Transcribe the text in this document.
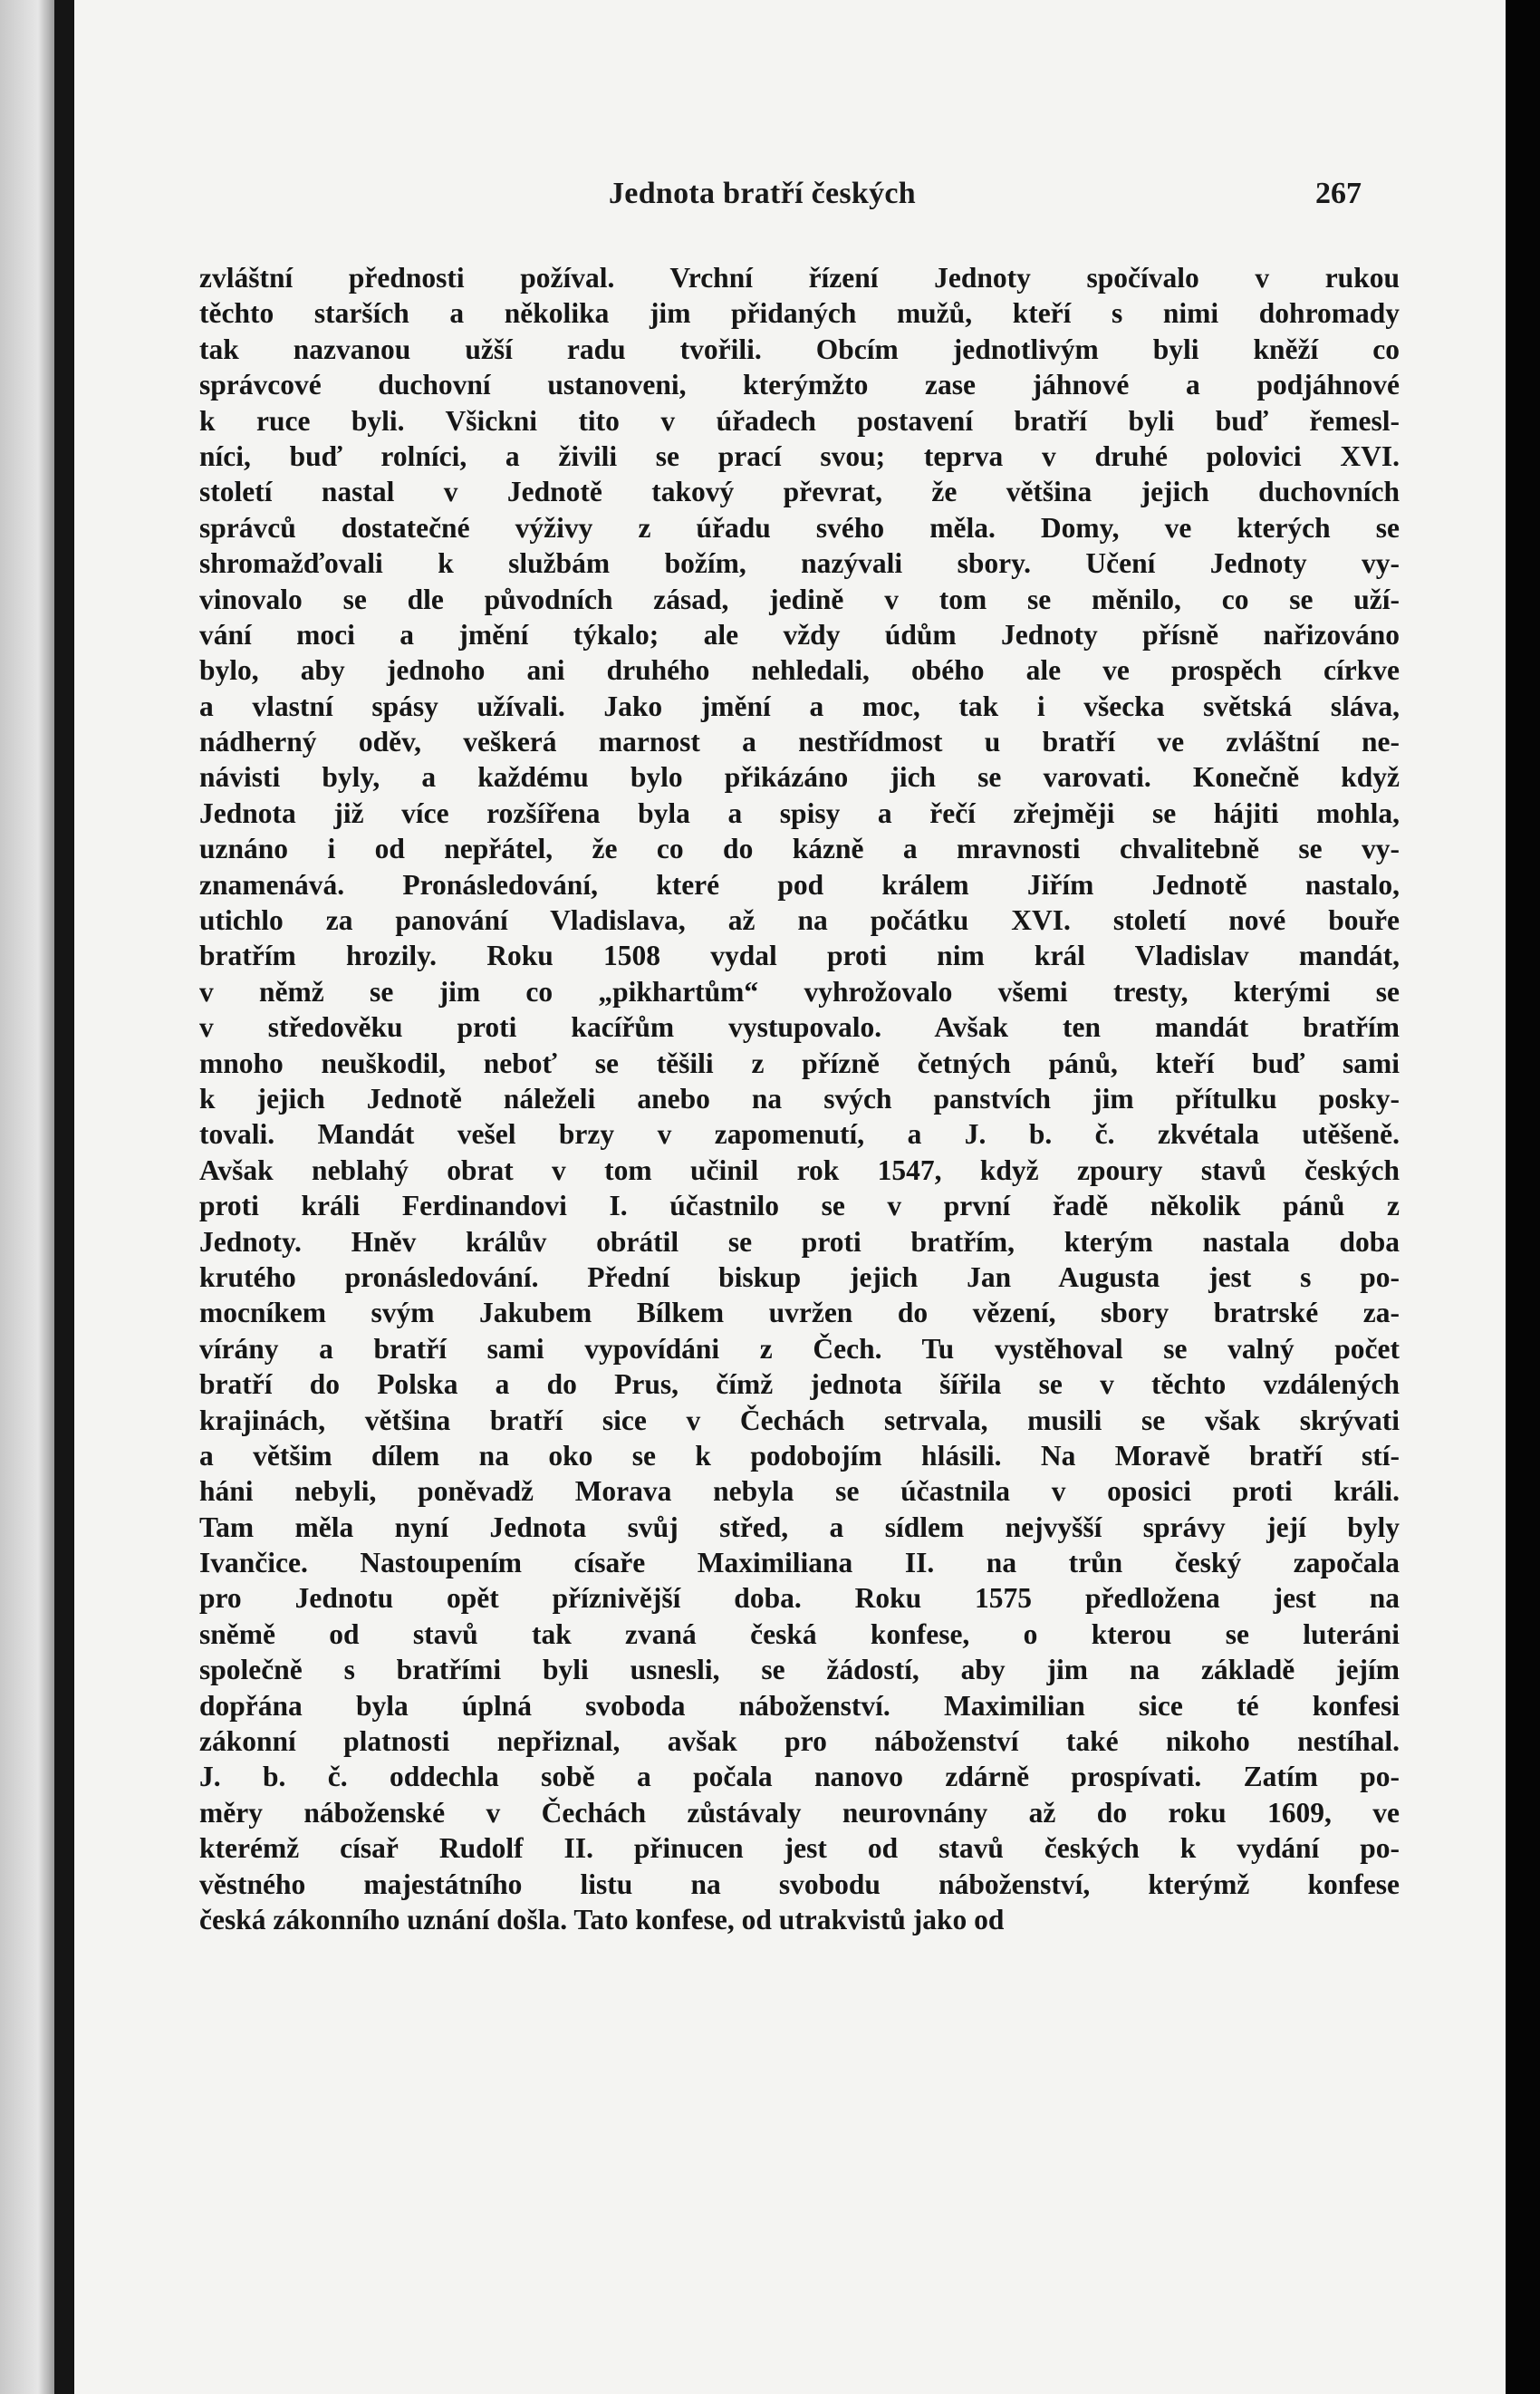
Jednota bratří českých	267
zvláštní přednosti požíval. Vrchní řízení Jednoty spočívalo v rukou
těchto starších a několika jim přidaných mužů, kteří s nimi dohromady
tak nazvanou užší radu tvořili. Obcím jednotlivým byli kněží co
správcové duchovní ustanoveni, kterýmžto zase jáhnové a podjáhnové
k ruce byli. Všickni tito v úřadech postavení bratří byli buď řemesl-
níci, buď rolníci, a živili se prací svou; teprva v druhé polovici XVI.
století nastal v Jednotě takový převrat, že většina jejich duchovních
správců dostatečné výživy z úřadu svého měla. Domy, ve kterých se
shromažďovali k službám božím, nazývali sbory. Učení Jednoty vy-
vinovalo se dle původních zásad, jedině v tom se měnilo, co se uží-
vání moci a jmění týkalo; ale vždy údům Jednoty přísně nařizováno
bylo, aby jednoho ani druhého nehledali, obého ale ve prospěch církve
a vlastní spásy užívali. Jako jmění a moc, tak i všecka světská sláva,
nádherný oděv, veškerá marnost a nestřídmost u bratří ve zvláštní ne-
návisti byly, a každému bylo přikázáno jich se varovati. Konečně když
Jednota již více rozšířena byla a spisy a řečí zřejměji se hájiti mohla,
uznáno i od nepřátel, že co do kázně a mravnosti chvalitebně se vy-
znamenává. Pronásledování, které pod králem Jiřím Jednotě nastalo,
utichlo za panování Vladislava, až na počátku XVI. století nové bouře
bratřím hrozily. Roku 1508 vydal proti nim král Vladislav mandát,
v němž se jim co „pikhartům“ vyhrožovalo všemi tresty, kterými se
v středověku proti kacířům vystupovalo. Avšak ten mandát bratřím
mnoho neuškodil, neboť se těšili z přízně četných pánů, kteří buď sami
k jejich Jednotě náleželi anebo na svých panstvích jim přítulku posky-
tovali. Mandát vešel brzy v zapomenutí, a J. b. č. zkvétala utěšeně.
Avšak neblahý obrat v tom učinil rok 1547, když zpoury stavů českých
proti králi Ferdinandovi I. účastnilo se v první řadě několik pánů z
Jednoty. Hněv králův obrátil se proti bratřím, kterým nastala doba
krutého pronásledování. Přední biskup jejich Jan Augusta jest s po-
mocníkem svým Jakubem Bílkem uvržen do vězení, sbory bratrské za-
vírány a bratří sami vypovídáni z Čech. Tu vystěhoval se valný počet
bratří do Polska a do Prus, čímž jednota šířila se v těchto vzdálených
krajinách, většina bratří sice v Čechách setrvala, musili se však skrývati
a většim dílem na oko se k podobojím hlásili. Na Moravě bratří stí-
háni nebyli, poněvadž Morava nebyla se účastnila v oposici proti králi.
Tam měla nyní Jednota svůj střed, a sídlem nejvyšší správy její byly
Ivančice. Nastoupením císaře Maximiliana II. na trůn český započala
pro Jednotu opět příznivější doba. Roku 1575 předložena jest na
sněmě od stavů tak zvaná česká konfese, o kterou se luteráni
společně s bratřími byli usnesli, se žádostí, aby jim na základě jejím
dopřána byla úplná svoboda náboženství. Maximilian sice té konfesi
zákonní platnosti nepřiznal, avšak pro náboženství také nikoho nestíhal.
J. b. č. oddechla sobě a počala nanovo zdárně prospívati. Zatím po-
měry náboženské v Čechách zůstávaly neurovnány až do roku 1609, ve
kterémž císař Rudolf II. přinucen jest od stavů českých k vydání po-
věstného majestátního listu na svobodu náboženství, kterýmž konfese
česká zákonního uznání došla. Tato konfese, od utrakvistů jako od
